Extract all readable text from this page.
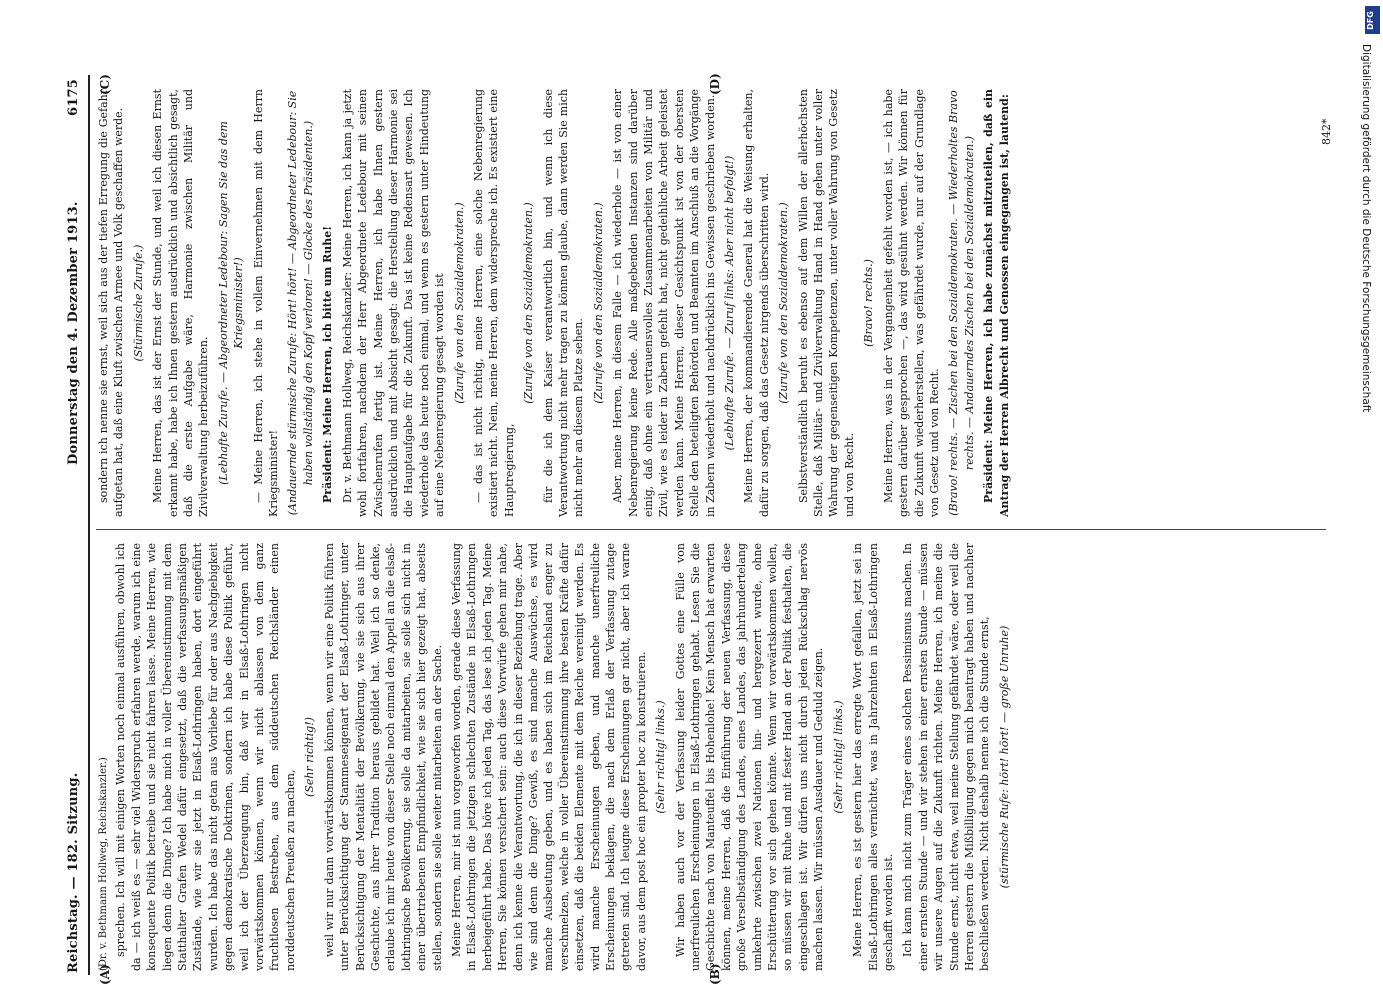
Reichstag. — 182. Sitzung.
Donnerstag den 4. Dezember 1913.
6175

(Dr. v. Bethmann Hollweg, Reichskanzler.) sprechen. Ich will mit einigen Worten noch einmal ausführen, obwohl ich da — ich weiß es — sehr viel Widerspruch erfahren werde, warum ich eine konsequente Politik betreibe und sie nicht fahren lasse. Meine Herren, wie liegen denn die Dinge? Ich habe mich in voller Übereinstimmung mit dem Statthalter Grafen Wedel dafür eingesetzt, daß die verfassungsmäßigen Zustände, wie wir sie jetzt in Elsaß-Lothringen haben, dort eingeführt wurden. Ich habe das nicht getan aus Vorliebe für oder aus Nachgiebigkeit gegen demokratische Doktrinen, sondern ich habe diese Politik geführt, weil ich der Überzeugung bin, daß wir in Elsaß-Lothringen nicht vorwärtskommen können, wenn wir nicht ablassen von dem ganz fruchtlosen Bestreben, aus dem süddeutschen Reichsländer einen norddeutschen Preußen zu machen,

(Sehr richtig!) weil wir nur dann vorwärtskommen können, wenn wir eine Politik führen unter Berücksichtigung der Stammeseigenart der Elsaß-Lothringer, unter Berücksichtigung der Mentalität der Bevölkerung, wie sie sich aus ihrer Geschichte, aus ihrer Tradition heraus gebildet hat. Weil ich so denke, erlaube ich mir heute von dieser Stelle noch einmal den Appell an die elsaß-lothringische Bevölkerung, sie solle da mitarbeiten, sie solle sich nicht in einer übertriebenen Empfindlichkeit, wie sie sich hier gezeigt hat, abseits stellen, sondern sie solle weiter mitarbeiten an der Sache. Meine Herren, mir ist nun vorgeworfen worden, gerade diese Verfassung in Elsaß-Lothringen die jetzigen schlechten Zustände in Elsaß-Lothringen herbeigeführt habe. Das höre ich jeden Tag, das lese ich jeden Tag. Meine Herren, Sie können versichert sein: auch diese Vorwürfe gehen mir nahe, denn ich kenne die Verantwortung, die ich in dieser Beziehung trage. Aber wie sind denn die Dinge? Gewiß, es sind manche Auswüchse, es wird manche Ausbeutung geben, und es haben sich im Reichsland enger zu verschmelzen, welche in voller Übereinstimmung ihre besten Kräfte dafür einsetzen, daß die beiden Elemente mit dem Reiche vereinigt werden. Es wird manche Erscheinungen geben, und manche unerfreuliche Erscheinungen beklagen, die nach dem Erlaß der Verfassung zutage getreten sind. Ich leugne diese Erscheinungen gar nicht, aber ich warne davor, aus dem post hoc ein propter hoc zu konstruieren. (Sehr richtig! links.) Wir haben auch vor der Verfassung leider Gottes eine Fülle von unerfreulichen Erscheinungen in Elsaß-Lothringen gehabt. Lesen Sie die Geschichte nach von Manteuffel bis Hohenlohe! Kein Mensch hat erwarten können, meine Herren, daß die Einführung der neuen Verfassung, diese große Verselbständigung des Landes, eines Landes, das jahrhundertelang umkehrte zwischen zwei Nationen hin- und hergezerrt wurde, ohne Erschütterung vor sich gehen könnte. Wenn wir vorwärtskommen wollen, so müssen wir mit Ruhe und mit fester Hand an der Politik festhalten, die eingeschlagen ist. Wir dürfen uns nicht durch jeden Rückschlag nervös machen lassen. Wir müssen Ausdauer und Geduld zeigen. (Sehr richtig! links.) Meine Herren, es ist gestern hier das erregte Wort gefallen, jetzt sei in Elsaß-Lothringen alles vernichtet, was in Jahrzehnten in Elsaß-Lothringen geschafft worden ist. Ich kann mich nicht zum Träger eines solchen Pessimismus machen. In einer ernsten Stunde — und wir stehen in einer ernsten Stunde — müssen wir unsere Augen auf die Zukunft richten. Meine Herren, ich meine die Stunde ernst, nicht etwa, weil meine Stellung gefährdet wäre, oder weil die Herren gestern die Mißbilligung gegen mich beantragt haben und nachher beschließen werden. Nicht deshalb nenne ich die Stunde ernst, (stürmische Rufe: hört! hört! — große Unruhe)

sondern ich nenne sie ernst, weil sich aus der tiefen Erregung die Gefahr aufgetan hat, daß eine Kluft zwischen Armee und Volk geschaffen werde. (Stürmische Zurufe.) Meine Herren, das ist der Ernst der Stunde, und weil ich diesen Ernst erkannt habe, habe ich Ihnen gestern ausdrücklich und absichtlich gesagt, daß die erste Aufgabe wäre, Harmonie zwischen Militär und Zivilverwaltung herbeizuführen. (Lebhafte Zurufe. — Abgeordneter Ledebour: Sagen Sie das dem Kriegsminister!) — Meine Herren, ich stehe in vollem Einvernehmen mit dem Herrn Kriegsminister! (Andauernde stürmische Zurufe: Hört! hört! — Abgeordneter Ledebour: Sie haben vollständig den Kopf verloren! — Glocke des Präsidenten.) Präsident: Meine Herren, ich bitte um Ruhe! Dr. v. Bethmann Hollweg, Reichskanzler: Meine Herren, ich kann ja jetzt wohl fortfahren, nachdem der Herr Abgeordnete Ledebour mit seinen Zwischenrufen fertig ist. Meine Herren, ich habe Ihnen gestern ausdrücklich und mit Absicht gesagt: die Herstellung dieser Harmonie sei die Hauptaufgabe für die Zukunft. Das ist keine Redensart gewesen. Ich wiederhole das heute noch einmal, und wenn es gestern unter Hindeutung auf eine Nebenregierung gesagt worden ist (Zurufe von den Sozialdemokraten.) — das ist nicht richtig, meine Herren, eine solche Nebenregierung existiert nicht. Nein, meine Herren, dem widerspreche ich. Es existiert eine Hauptregierung,

(Zurufe von den Sozialdemokraten.) für die ich dem Kaiser verantwortlich bin, und wenn ich diese Verantwortung nicht mehr tragen zu können glaube, dann werden Sie mich nicht mehr an diesem Platze sehen.

(Zurufe von den Sozialdemokraten.) Aber, meine Herren, in diesem Falle — ich wiederhole — ist von einer Nebenregierung keine Rede. Alle maßgebenden Instanzen sind darüber einig, daß ohne ein vertrauensvolles Zusammenarbeiten von Militär und Zivil, wie es leider in Zabern gefehlt hat, nicht gedeihliche Arbeit geleistet werden kann. Meine Herren, dieser Gesichtspunkt ist von der obersten Stelle den beteiligten Behörden und Beamten im Anschluß an die Vorgänge in Zabern wiederholt und nachdrücklich ins Gewissen geschrieben worden. (Lebhafte Zurufe. — Zuruf links: Aber nicht befolgt!) Meine Herren, der kommandierende General hat die Weisung erhalten, dafür zu sorgen, daß das Gesetz nirgends überschritten wird. (Zurufe von den Sozialdemokraten.) Selbstverständlich beruht es ebenso auf dem Willen der allerhöchsten Stelle, daß Militär- und Zivilverwaltung Hand in Hand gehen unter voller Wahrung der gegenseitigen Kompetenzen, unter voller Wahrung von Gesetz und von Recht.

(Bravo! rechts.) Meine Herren, was in der Vergangenheit gefehlt worden ist, — ich habe gestern darüber gesprochen —, das wird gesühnt werden. Wir können für die Zukunft wiederherstellen, was gefährdet wurde, nur auf der Grundlage von Gesetz und von Recht. (Bravo! rechts. — Zischen bei den Sozialdemokraten. — Wiederholtes Bravo rechts. — Andauerndes Zischen bei den Sozialdemokraten.) Präsident: Meine Herren, ich habe zunächst mitzuteilen, daß ein Antrag der Herren Albrecht und Genossen eingegangen ist, lautend:

(A)	(B)
(C)	(D)
842*
DFG
Digitalisierung gefördert durch die Deutsche Forschungsgemeinschaft
